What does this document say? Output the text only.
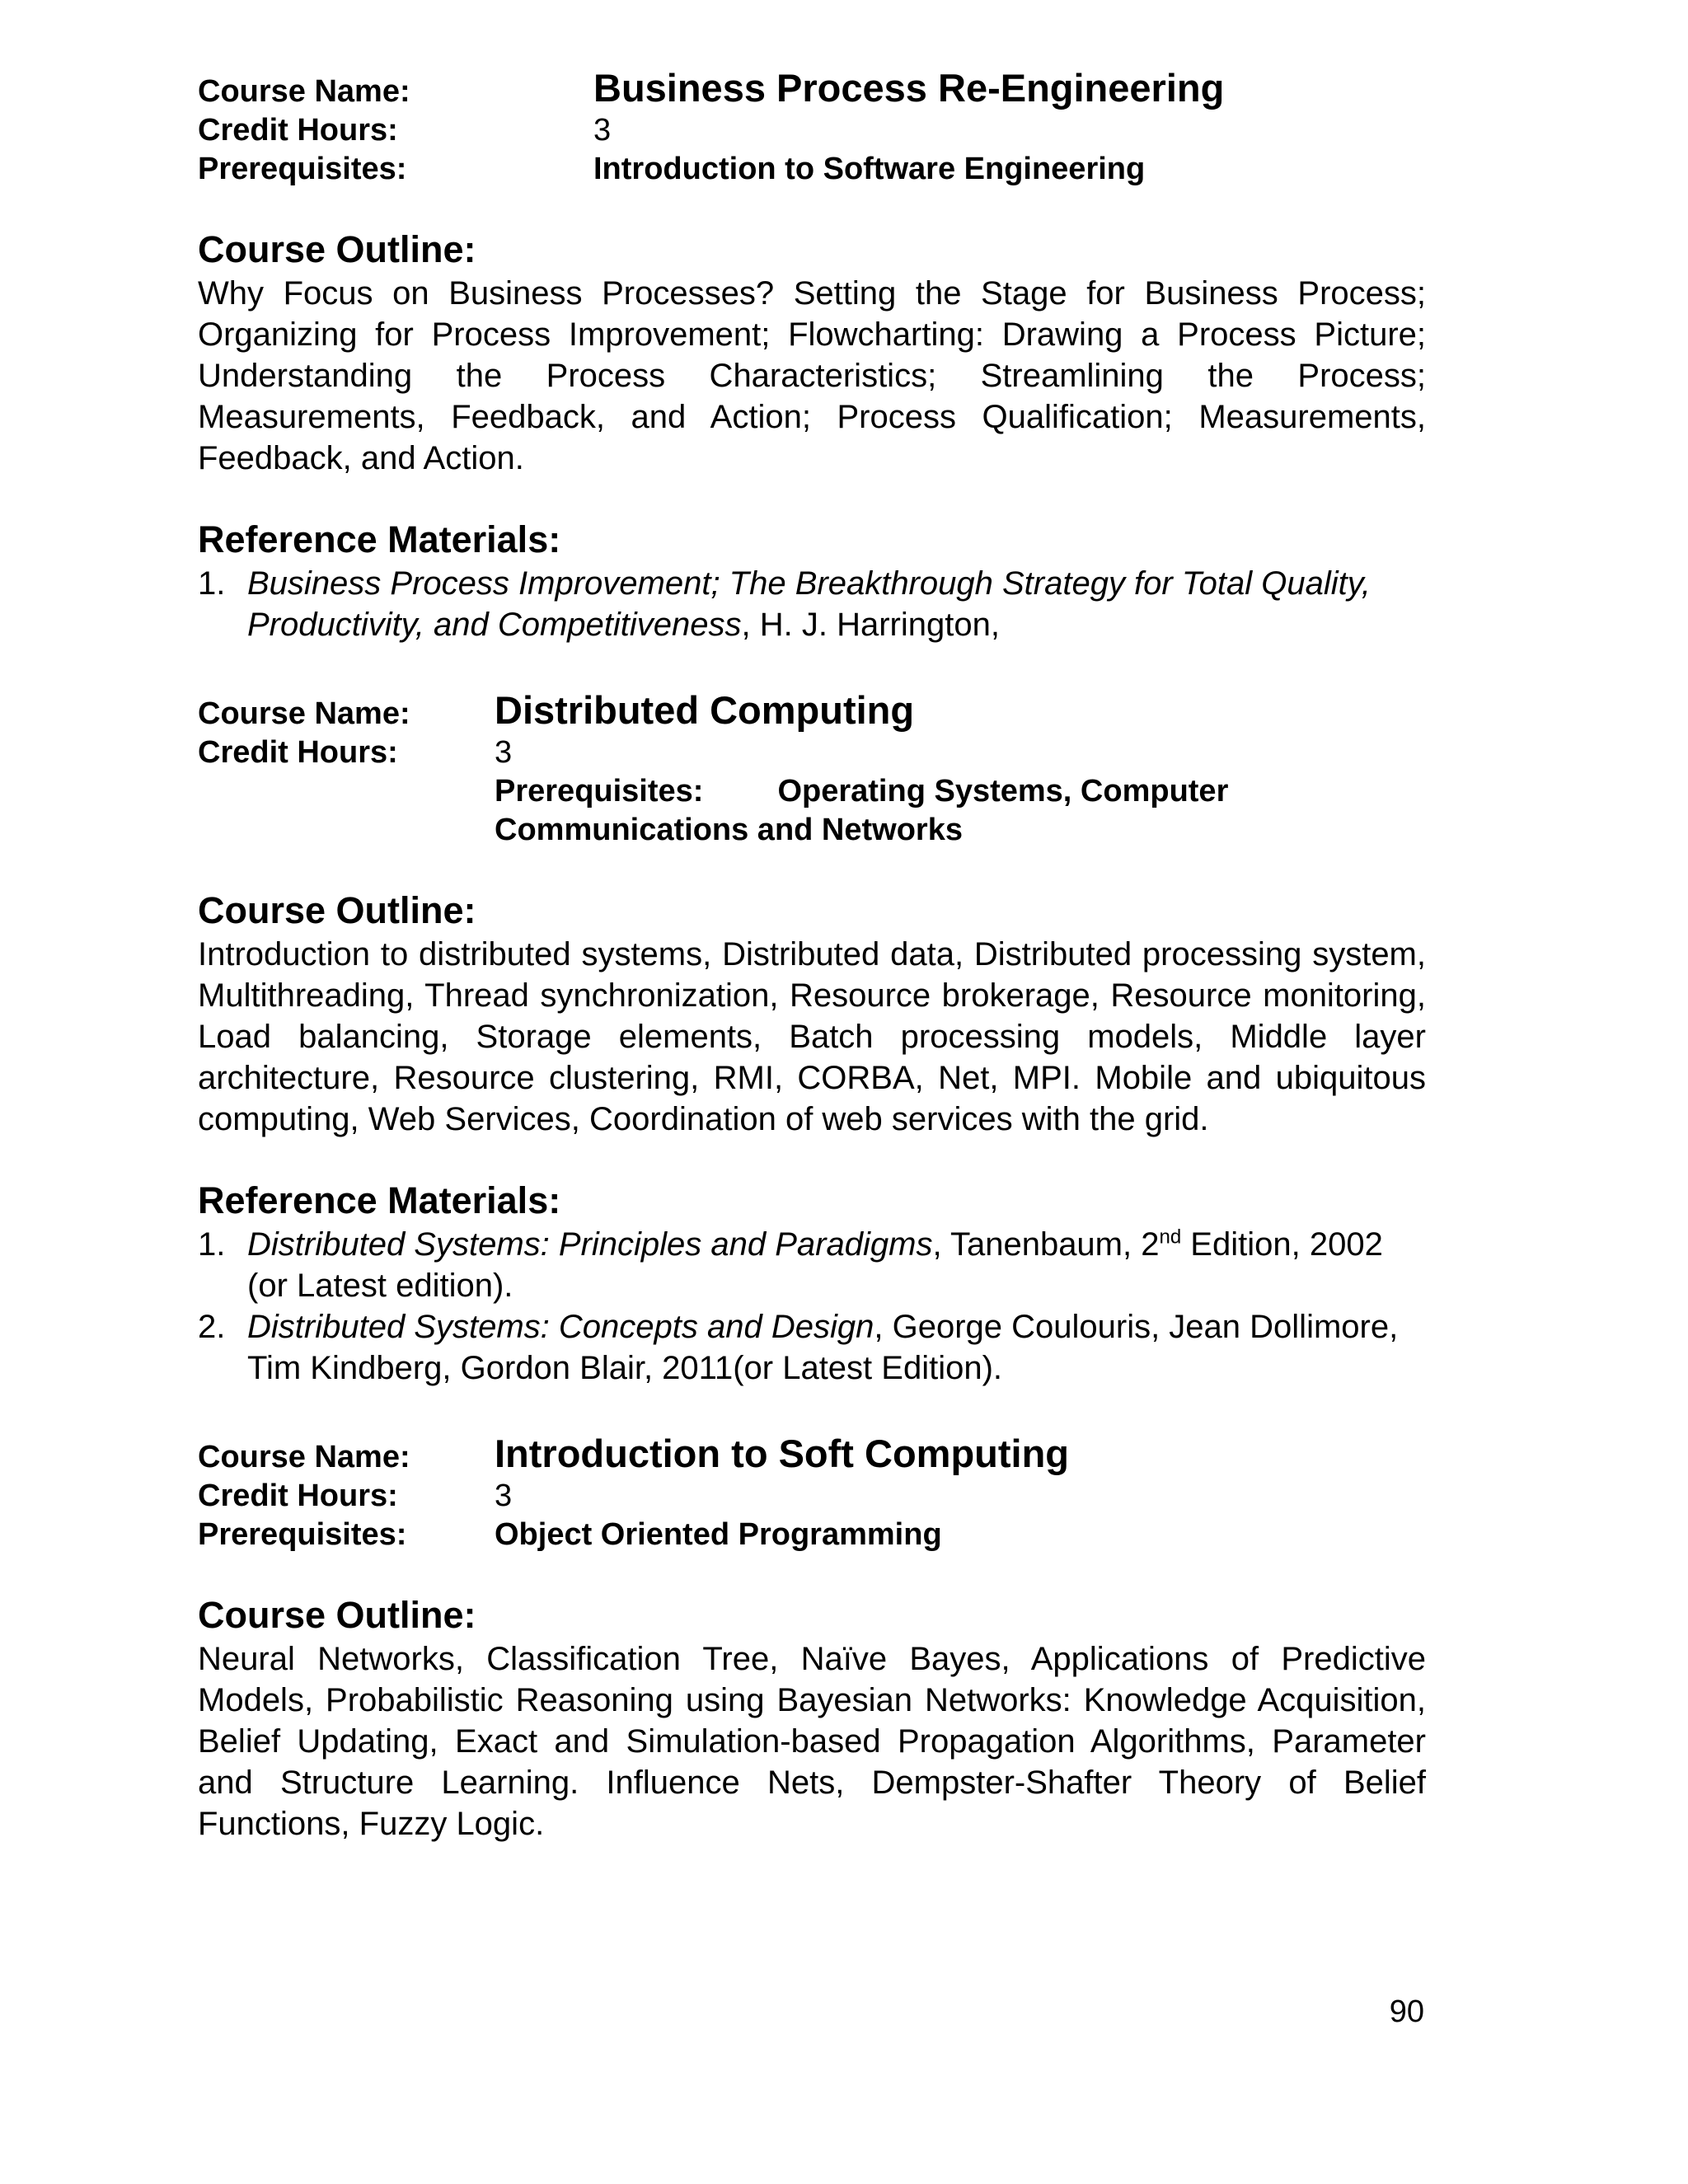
Course Name:	Business Process Re-Engineering
Credit Hours:	3
Prerequisites:	Introduction to Software Engineering
Course Outline:

Why Focus on Business Processes? Setting the Stage for Business Process; Organizing for Process Improvement; Flowcharting: Drawing a Process Picture; Understanding the Process Characteristics; Streamlining the Process; Measurements, Feedback, and Action; Process Qualification; Measurements, Feedback, and Action.

Reference Materials:
1. Business Process Improvement; The Breakthrough Strategy for Total Quality, Productivity, and Competitiveness, H. J. Harrington,
Course Name: Distributed Computing
Credit Hours:	3
Prerequisites: Operating Systems, Computer Communications and Networks
Course Outline:

Introduction to distributed systems, Distributed data, Distributed processing system, Multithreading, Thread synchronization, Resource brokerage, Resource monitoring, Load balancing, Storage elements, Batch processing models, Middle layer architecture, Resource clustering, RMI, CORBA, Net, MPI. Mobile and ubiquitous computing, Web Services, Coordination of web services with the grid.

Reference Materials:
1. Distributed Systems: Principles and Paradigms, Tanenbaum, 2nd Edition, 2002 (or Latest edition).
2. Distributed Systems: Concepts and Design, George Coulouris, Jean Dollimore, Tim Kindberg, Gordon Blair, 2011(or Latest Edition).
Course Name: Introduction to Soft Computing
Credit Hours:	3
Prerequisites:	Object Oriented Programming
Course Outline:

Neural Networks, Classification Tree, Naïve Bayes, Applications of Predictive Models, Probabilistic Reasoning using Bayesian Networks: Knowledge Acquisition, Belief Updating, Exact and Simulation-based Propagation Algorithms, Parameter and Structure Learning. Influence Nets, Dempster-Shafter Theory of Belief Functions, Fuzzy Logic.

90
